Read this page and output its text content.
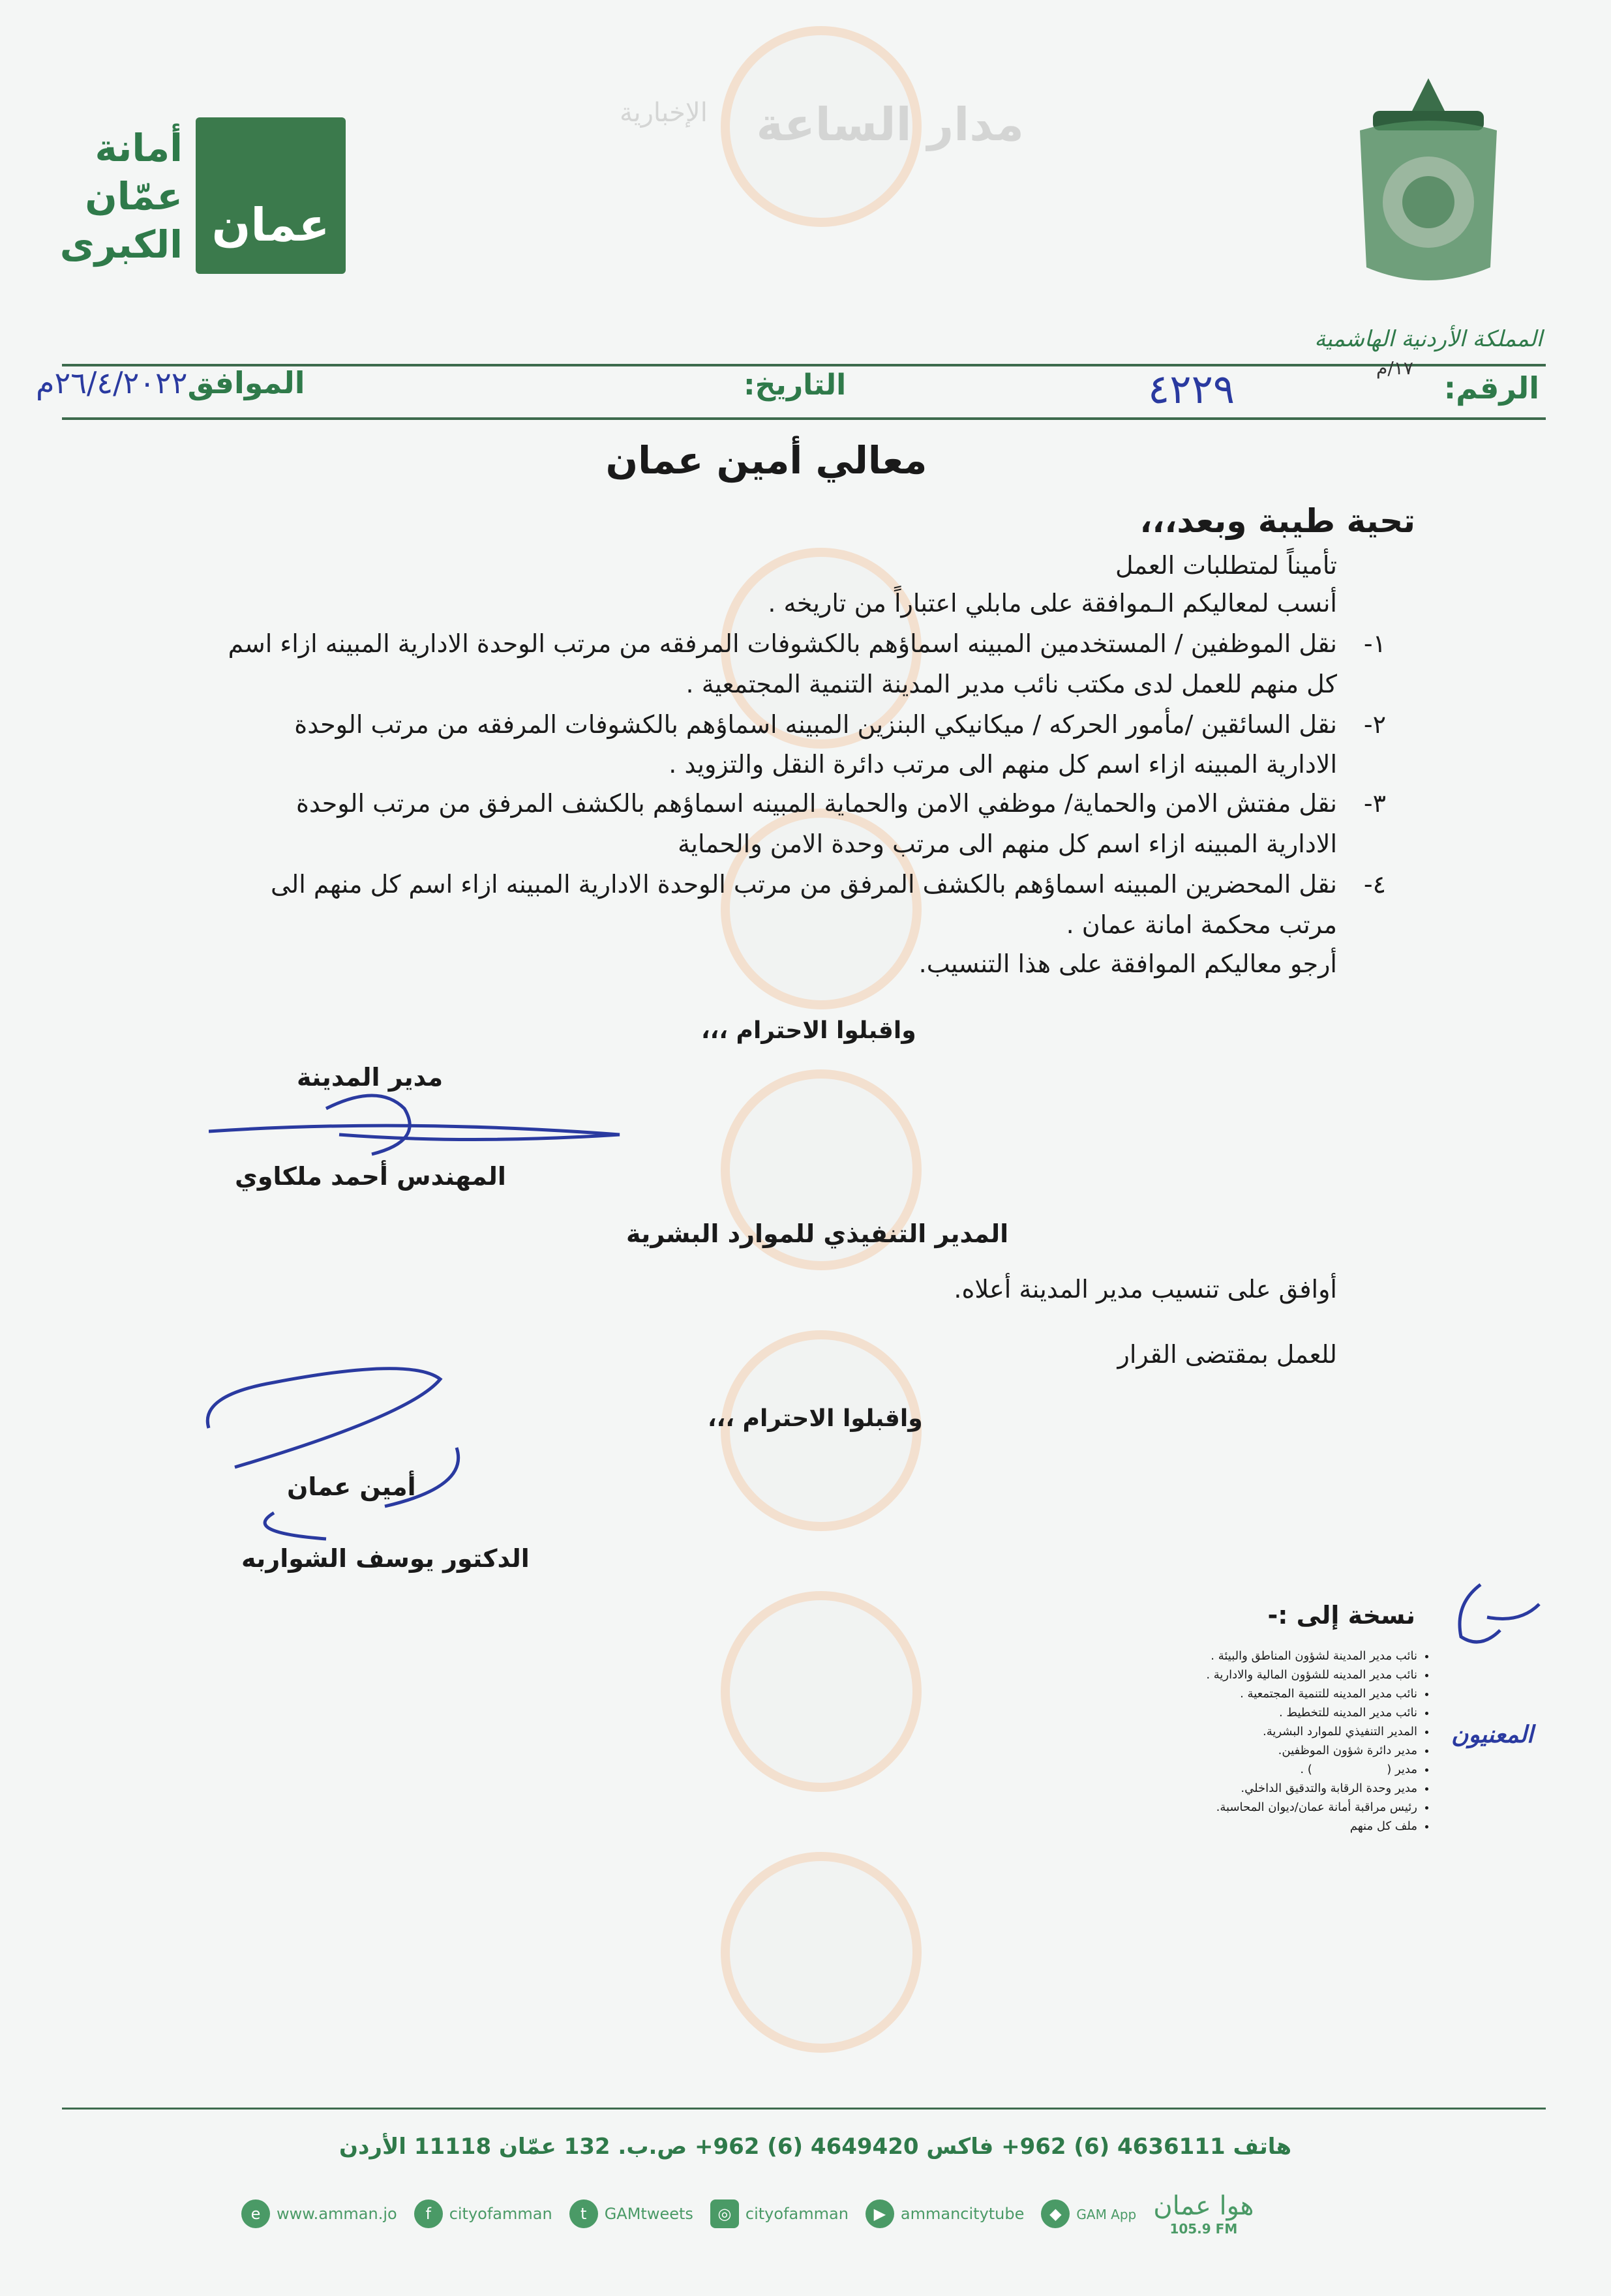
الإخبارية مدار الساعة
أمانة
عمّان
الكبرى عمان
المملكة الأردنية الهاشمية
الرقم:
١٧/م
٤٢٢٩
التاريخ:
الموافق٢٦/٤/٢٠٢٢م
معالي أمين عمان
تحية طيبة وبعد،،،
تأميناً لمتطلبات العمل
أنسب لمعاليكم الـموافقة على مابلي اعتباراً من تاريخه .
١-
نقل الموظفين / المستخدمين المبينه اسماؤهم بالكشوفات المرفقه من مرتب الوحدة الادارية المبينه ازاء اسم
كل منهم للعمل لدى مكتب نائب مدير المدينة التنمية المجتمعية .
٢-
نقل السائقين /مأمور الحركه / ميكانيكي البنزين المبينه اسماؤهم بالكشوفات المرفقه من مرتب الوحدة
الادارية المبينه ازاء اسم كل منهم الى مرتب دائرة النقل والتزويد .
٣-
نقل مفتش الامن والحماية/ موظفي الامن والحماية المبينه اسماؤهم بالكشف المرفق من مرتب الوحدة
الادارية المبينه ازاء اسم كل منهم الى مرتب وحدة الامن والحماية
٤-
نقل المحضرين المبينه اسماؤهم بالكشف المرفق من مرتب الوحدة الادارية المبينه ازاء اسم كل منهم الى
مرتب محكمة امانة عمان .
أرجو معاليكم الموافقة على هذا التنسيب.
واقبلوا الاحترام ،،،
مدير المدينة
المهندس أحمد ملكاوي
المدير التنفيذي للموارد البشرية
أوافق على تنسيب مدير المدينة أعلاه.
للعمل بمقتضى القرار
واقبلوا الاحترام ،،،
أمين عمان
الدكتور يوسف الشواربه
نسخة إلى :-
• نائب مدير المدينة لشؤون المناطق والبيئة .
• نائب مدير المدينه للشؤون المالية والادارية .
• نائب مدير المدينه للتنمية المجتمعية .
• نائب مدير المدينه للتخطيط .
• المدير التنفيذي للموارد البشرية.
• مدير دائرة شؤون الموظفين.
• مدير (                    ) .
• مدير وحدة الرقابة والتدقيق الداخلي.
• رئيس مراقبة أمانة عمان/ديوان المحاسبة.
• ملف كل منهم
المعنيون
هاتف 4636111 (6) 962+ فاكس 4649420 (6) 962+ ص.ب. 132 عمّان 11118 الأردن
e www.amman.jo	f cityofamman	t GAMtweets	◎ cityofamman	▶ ammancitytube	◆ GAM App هوا عمان
105.9 FM
